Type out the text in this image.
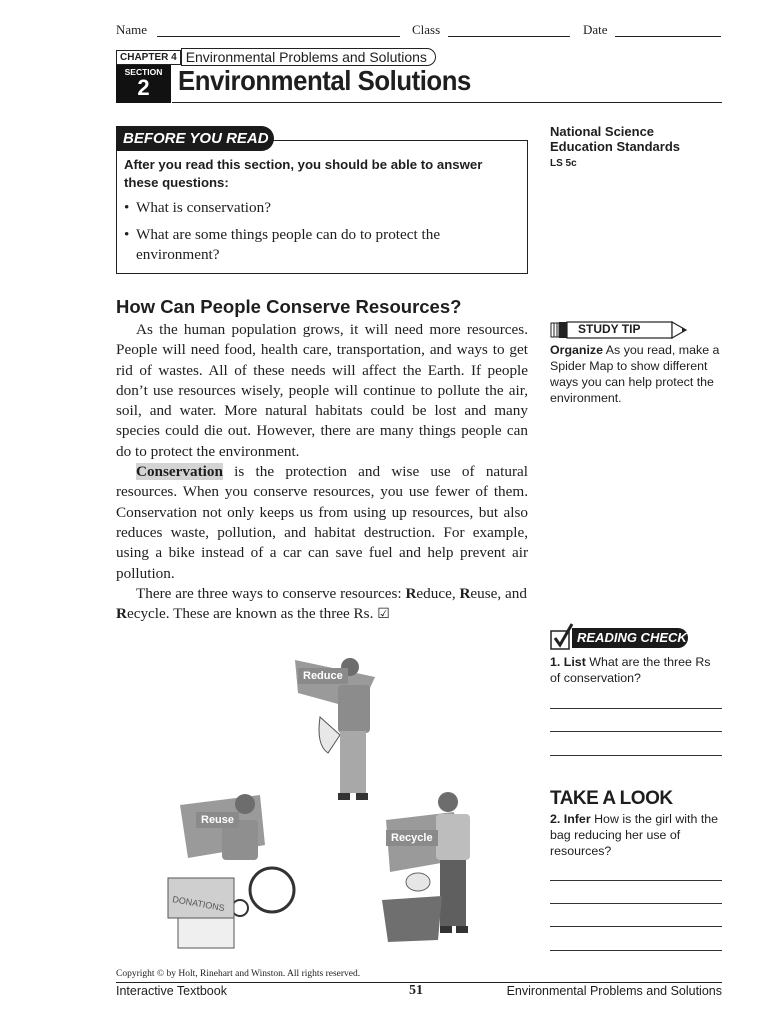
Name	Class	Date
CHAPTER 4 Environmental Problems and Solutions
SECTION
2	Environmental Solutions
BEFORE YOU READ
After you read this section, you should be able to answer these questions:
• What is conservation?
• What are some things people can do to protect the environment?
National Science Education Standards
LS 5c
How Can People Conserve Resources?
As the human population grows, it will need more resources. People will need food, health care, transportation, and ways to get rid of wastes. All of these needs will affect the Earth. If people don’t use resources wisely, people will continue to pollute the air, soil, and water. More natural habitats could be lost and many species could die out. However, there are many things people can do to protect the environment.
Conservation is the protection and wise use of natural resources. When you conserve resources, you use fewer of them. Conservation not only keeps us from using up resources, but also reduces waste, pollution, and habitat destruction. For example, using a bike instead of a car can save fuel and help prevent air pollution.
There are three ways to conserve resources: Reduce, Reuse, and Recycle. These are known as the three Rs. ☑
STUDY TIP
Organize As you read, make a Spider Map to show different ways you can help protect the environment.
READING CHECK
1. List What are the three Rs of conservation?
TAKE A LOOK
2. Infer How is the girl with the bag reducing her use of resources?
Reduce
DONATIONS
Reuse
Recycle
Copyright © by Holt, Rinehart and Winston. All rights reserved.
Interactive Textbook	51	Environmental Problems and Solutions
